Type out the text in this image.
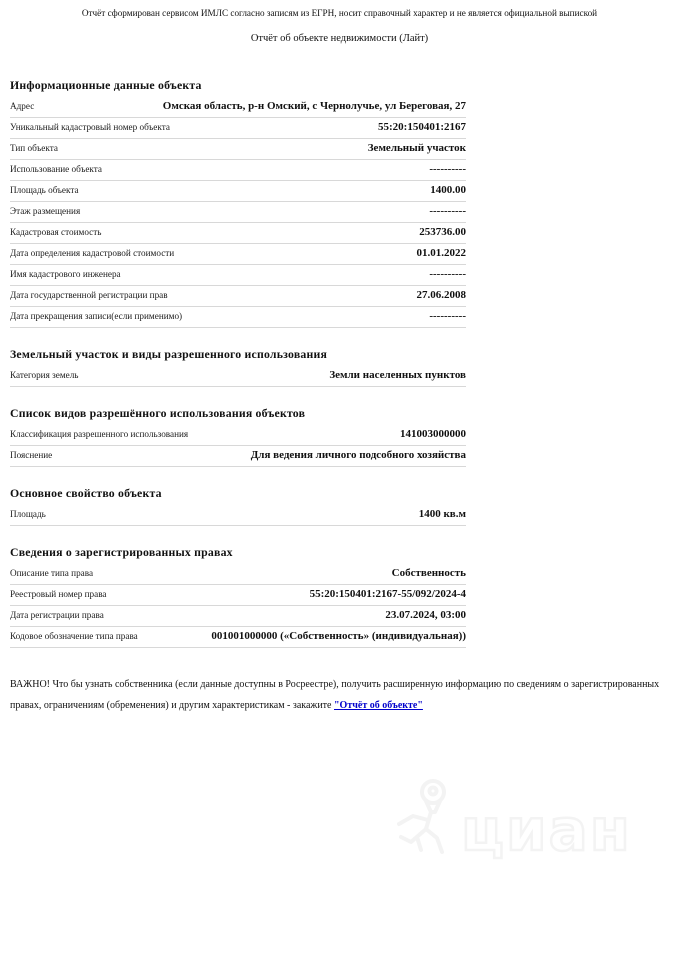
Отчёт сформирован сервисом ИМЛС согласно записям из ЕГРН, носит справочный характер и не является официальной выпиской
Отчёт об объекте недвижимости (Лайт)
Информационные данные объекта
Адрес	Омская область, р-н Омский, с Чернолучье, ул Береговая, 27
Уникальный кадастровый номер объекта	55:20:150401:2167
Тип объекта	Земельный участок
Использование объекта	----------
Площадь объекта	1400.00
Этаж размещения	----------
Кадастровая стоимость	253736.00
Дата определения кадастровой стоимости	01.01.2022
Имя кадастрового инженера	----------
Дата государственной регистрации прав	27.06.2008
Дата прекращения записи(если применимо)	----------
Земельный участок и виды разрешенного использования
Категория земель	Земли населенных пунктов
Список видов разрешённого использования объектов
Классификация разрешенного использования	141003000000
Пояснение	Для ведения личного подсобного хозяйства
Основное свойство объекта
Площадь	1400 кв.м
Сведения о зарегистрированных правах
Описание типа права	Собственность
Реестровый номер права	55:20:150401:2167-55/092/2024-4
Дата регистрации права	23.07.2024, 03:00
Кодовое обозначение типа права	001001000000 («Собственность» (индивидуальная))

ВАЖНО! Что бы узнать собственника (если данные доступны в Росреестре), получить расширенную информацию по сведениям о зарегистрированных правах, ограничениям (обременения) и другим характеристикам - закажите "Отчёт об объекте"

циан
